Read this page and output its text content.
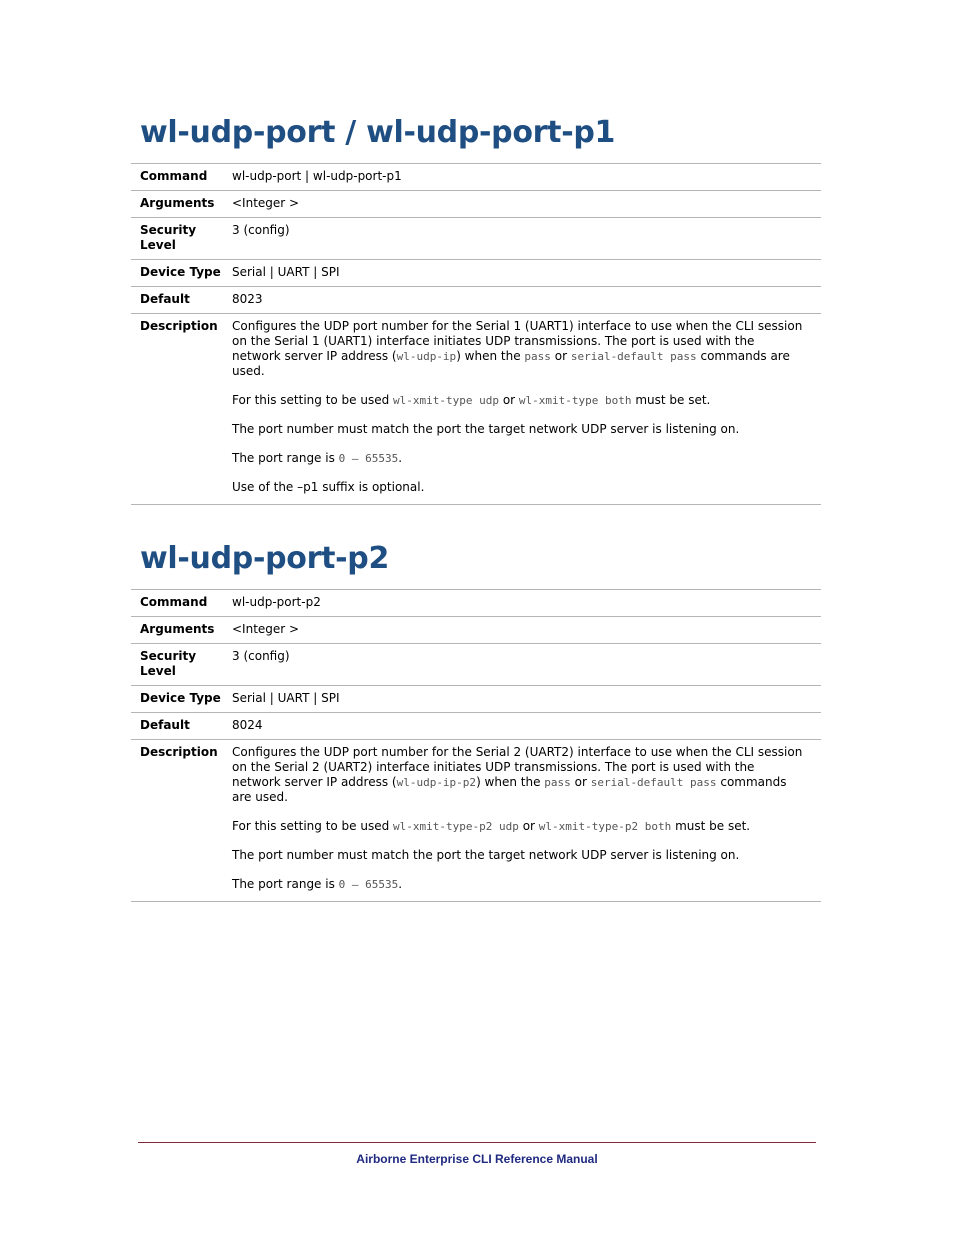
wl-udp-port / wl-udp-port-p1
Command	wl-udp-port | wl-udp-port-p1
Arguments	<Integer >
Security
Level	3 (config)
Device Type	Serial | UART | SPI
Default	8023
Description	Configures the UDP port number for the Serial 1 (UART1) interface to use when the CLI session on the Serial 1 (UART1) interface initiates UDP transmissions. The port is used with the network server IP address (wl-udp-ip) when the pass or serial-default pass commands are used.

For this setting to be used wl-xmit-type udp or wl-xmit-type both must be set.

The port number must match the port the target network UDP server is listening on.

The port range is 0 – 65535.

Use of the –p1 suffix is optional.

wl-udp-port-p2
Command	wl-udp-port-p2
Arguments	<Integer >
Security
Level	3 (config)
Device Type	Serial | UART | SPI
Default	8024
Description	Configures the UDP port number for the Serial 2 (UART2) interface to use when the CLI session on the Serial 2 (UART2) interface initiates UDP transmissions. The port is used with the network server IP address (wl-udp-ip-p2) when the pass or serial-default pass commands are used.

For this setting to be used wl-xmit-type-p2 udp or wl-xmit-type-p2 both must be set.

The port number must match the port the target network UDP server is listening on.

The port range is 0 – 65535.

Airborne Enterprise CLI Reference Manual
